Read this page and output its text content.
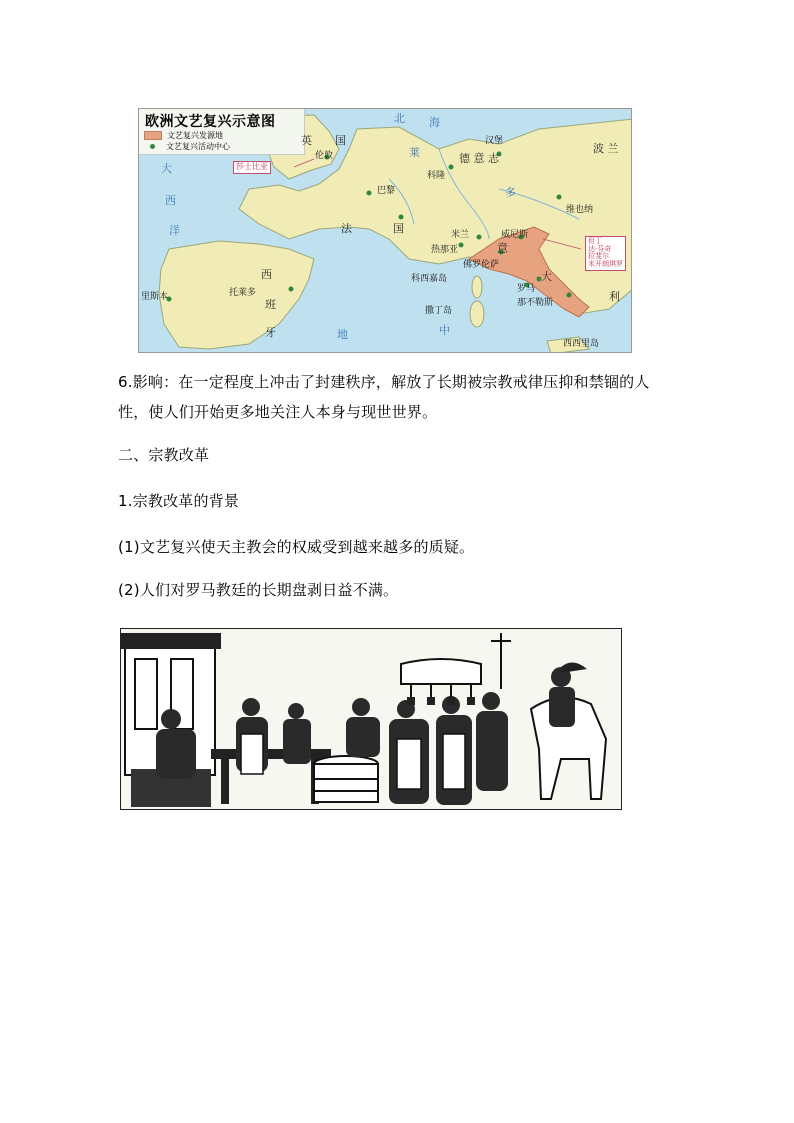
欧洲文艺复兴示意图
文艺复兴发源地
文艺复兴活动中心	英 国
伦敦
北 海
莱
汉堡
德 意 志
科隆
波 兰
大
西
洋
巴黎	多
法	国
维也纳
米兰	威尼斯
热那亚	意
佛罗伦萨
大
利
罗马
那不勒斯
科西嘉岛
撒丁岛
西
班
牙
托莱多
里斯本
地	中
西西里岛
莎士比亚
但丁
达·芬奇
拉斐尔
米开朗琪罗
6.影响：在一定程度上冲击了封建秩序，解放了长期被宗教戒律压抑和禁锢的人
性，使人们开始更多地关注人本身与现世世界。
二、宗教改革
1.宗教改革的背景
(1)文艺复兴使天主教会的权威受到越来越多的质疑。
(2)人们对罗马教廷的长期盘剥日益不满。
